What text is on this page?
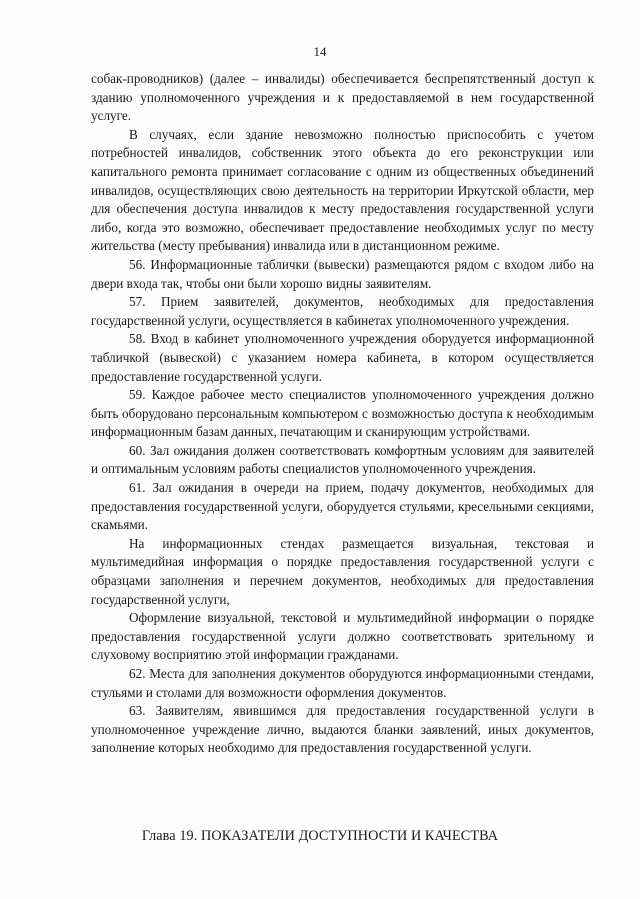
14

собак-проводников) (далее – инвалиды) обеспечивается беспрепятственный доступ к зданию уполномоченного учреждения и к предоставляемой в нем государственной услуге.

В случаях, если здание невозможно полностью приспособить с учетом потребностей инвалидов, собственник этого объекта до его реконструкции или капитального ремонта принимает согласование с одним из общественных объединений инвалидов, осуществляющих свою деятельность на территории Иркутской области, мер для обеспечения доступа инвалидов к месту предоставления государственной услуги либо, когда это возможно, обеспечивает предоставление необходимых услуг по месту жительства (месту пребывания) инвалида или в дистанционном режиме.

56. Информационные таблички (вывески) размещаются рядом с входом либо на двери входа так, чтобы они были хорошо видны заявителям.

57. Прием заявителей, документов, необходимых для предоставления государственной услуги, осуществляется в кабинетах уполномоченного учреждения.

58. Вход в кабинет уполномоченного учреждения оборудуется информационной табличкой (вывеской) с указанием номера кабинета, в котором осуществляется предоставление государственной услуги.

59. Каждое рабочее место специалистов уполномоченного учреждения должно быть оборудовано персональным компьютером с возможностью доступа к необходимым информационным базам данных, печатающим и сканирующим устройствами.

60. Зал ожидания должен соответствовать комфортным условиям для заявителей и оптимальным условиям работы специалистов уполномоченного учреждения.

61. Зал ожидания в очереди на прием, подачу документов, необходимых для предоставления государственной услуги, оборудуется стульями, кресельными секциями, скамьями.

На информационных стендах размещается визуальная, текстовая и мультимедийная информация о порядке предоставления государственной услуги с образцами заполнения и перечнем документов, необходимых для предоставления государственной услуги,

Оформление визуальной, текстовой и мультимедийной информации о порядке предоставления государственной услуги должно соответствовать зрительному и слуховому восприятию этой информации гражданами.

62. Места для заполнения документов оборудуются информационными стендами, стульями и столами для возможности оформления документов.

63. Заявителям, явившимся для предоставления государственной услуги в уполномоченное учреждение лично, выдаются бланки заявлений, иных документов, заполнение которых необходимо для предоставления государственной услуги.

Глава 19. ПОКАЗАТЕЛИ ДОСТУПНОСТИ И КАЧЕСТВА
